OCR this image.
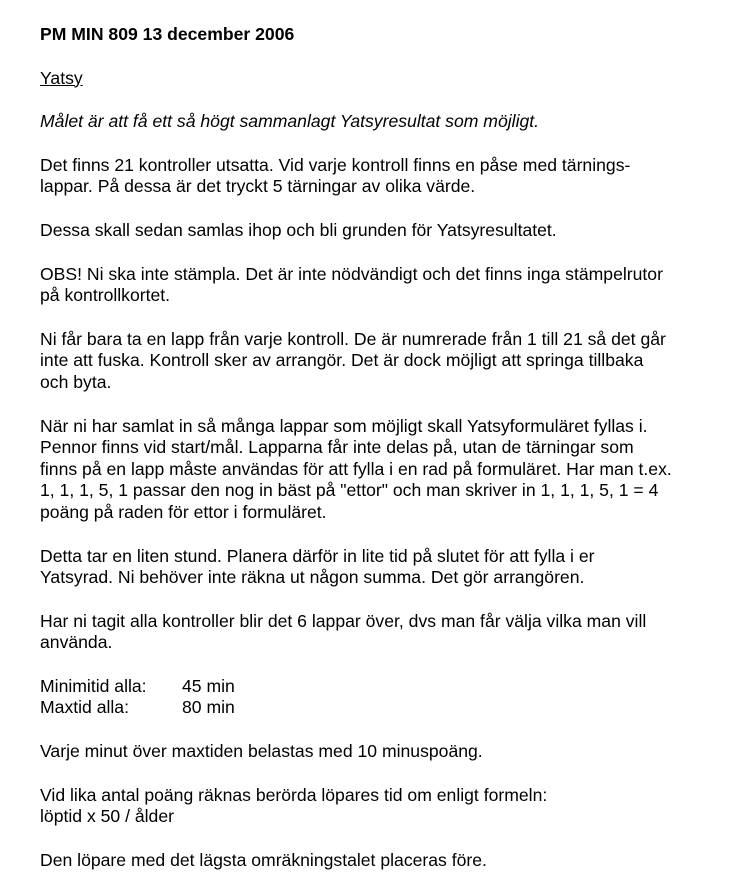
PM MIN 809 13 december 2006
Yatsy
Målet är att få ett så högt sammanlagt Yatsyresultat som möjligt.
Det finns 21 kontroller utsatta. Vid varje kontroll finns en påse med tärnings-
lappar. På dessa är det tryckt 5 tärningar av olika värde.
Dessa skall sedan samlas ihop och bli grunden för Yatsyresultatet.
OBS! Ni ska inte stämpla. Det är inte nödvändigt och det finns inga stämpelrutor
på kontrollkortet.
Ni får bara ta en lapp från varje kontroll. De är numrerade från 1 till 21 så det går
inte att fuska. Kontroll sker av arrangör. Det är dock möjligt att springa tillbaka
och byta.
När ni har samlat in så många lappar som möjligt skall Yatsyformuläret fyllas i.
Pennor finns vid start/mål. Lapparna får inte delas på, utan de tärningar som
finns på en lapp måste användas för att fylla i en rad på formuläret. Har man t.ex.
1, 1, 1, 5, 1 passar den nog in bäst på "ettor" och man skriver in 1, 1, 1, 5, 1 = 4
poäng på raden för ettor i formuläret.
Detta tar en liten stund. Planera därför in lite tid på slutet för att fylla i er
Yatsyrad. Ni behöver inte räkna ut någon summa. Det gör arrangören.
Har ni tagit alla kontroller blir det 6 lappar över, dvs man får välja vilka man vill
använda.
Minimitid alla:	45 min
Maxtid alla:	80 min
Varje minut över maxtiden belastas med 10 minuspoäng.
Vid lika antal poäng räknas berörda löpares tid om enligt formeln:
löptid x 50 / ålder
Den löpare med det lägsta omräkningstalet placeras före.
